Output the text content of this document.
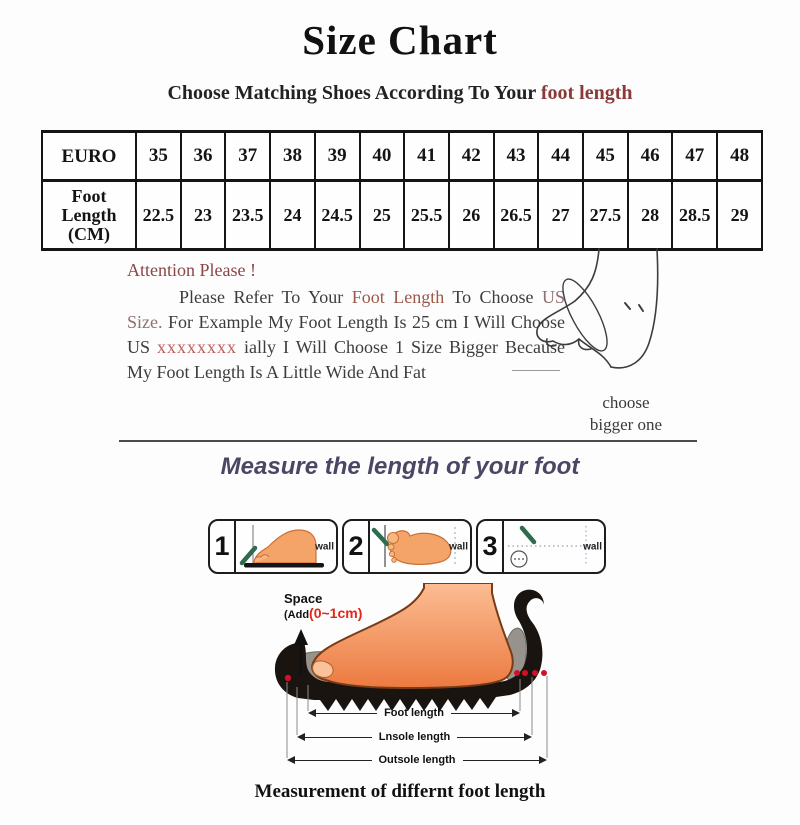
Size Chart
Choose Matching Shoes According To Your foot length
EURO	35	36	37	38	39	40	41	42	43	44	45	46	47	48
Foot Length (CM)	22.5	23	23.5	24	24.5	25	25.5	26	26.5	27	27.5	28	28.5	29
Attention Please !

Please Refer To Your Foot Length To Choose US Size. For Example My Foot Length Is 25 cm I Will Choose US xxxxxxxx ially I Will Choose 1 Size Bigger Because My Foot Length Is A Little Wide And Fat

choose
bigger one
Measure the length of your foot
1	wall 2	wall 3	wall
Space
(Add(0~1cm)
Foot length
Lnsole length
Outsole length
Measurement of differnt foot length
